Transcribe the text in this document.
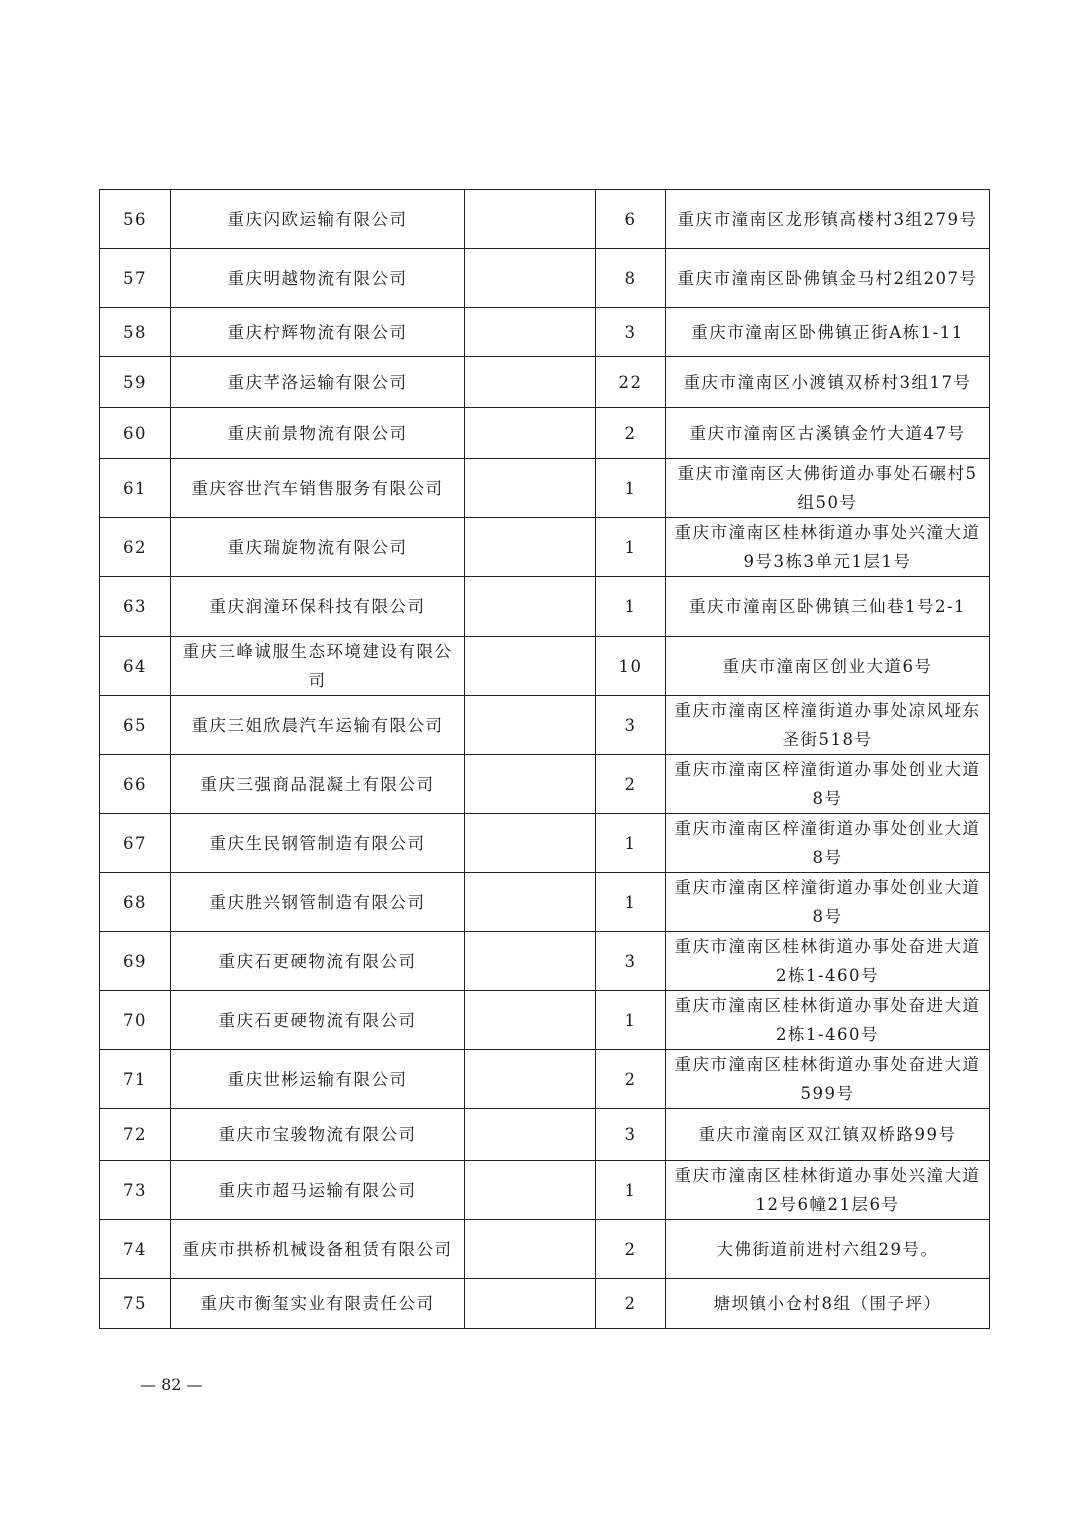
56	重庆闪欧运输有限公司		6	重庆市潼南区龙形镇高楼村3组279号
57	重庆明越物流有限公司		8	重庆市潼南区卧佛镇金马村2组207号
58	重庆柠辉物流有限公司		3	重庆市潼南区卧佛镇正街A栋1-11
59	重庆芊洛运输有限公司		22	重庆市潼南区小渡镇双桥村3组17号
60	重庆前景物流有限公司		2	重庆市潼南区古溪镇金竹大道47号
61	重庆容世汽车销售服务有限公司		1	重庆市潼南区大佛街道办事处石碾村5组50号
62	重庆瑞旋物流有限公司		1	重庆市潼南区桂林街道办事处兴潼大道9号3栋3单元1层1号
63	重庆润潼环保科技有限公司		1	重庆市潼南区卧佛镇三仙巷1号2-1
64	重庆三峰诚服生态环境建设有限公司		10	重庆市潼南区创业大道6号
65	重庆三姐欣晨汽车运输有限公司		3	重庆市潼南区梓潼街道办事处凉风垭东圣街518号
66	重庆三强商品混凝土有限公司		2	重庆市潼南区梓潼街道办事处创业大道8号
67	重庆生民钢管制造有限公司		1	重庆市潼南区梓潼街道办事处创业大道8号
68	重庆胜兴钢管制造有限公司		1	重庆市潼南区梓潼街道办事处创业大道8号
69	重庆石更硬物流有限公司		3	重庆市潼南区桂林街道办事处奋进大道2栋1-460号
70	重庆石更硬物流有限公司		1	重庆市潼南区桂林街道办事处奋进大道2栋1-460号
71	重庆世彬运输有限公司		2	重庆市潼南区桂林街道办事处奋进大道599号
72	重庆市宝骏物流有限公司		3	重庆市潼南区双江镇双桥路99号
73	重庆市超马运输有限公司		1	重庆市潼南区桂林街道办事处兴潼大道12号6幢21层6号
74	重庆市拱桥机械设备租赁有限公司		2	大佛街道前进村六组29号。
75	重庆市衡玺实业有限责任公司		2	塘坝镇小仓村8组（围子坪）
— 82 —
